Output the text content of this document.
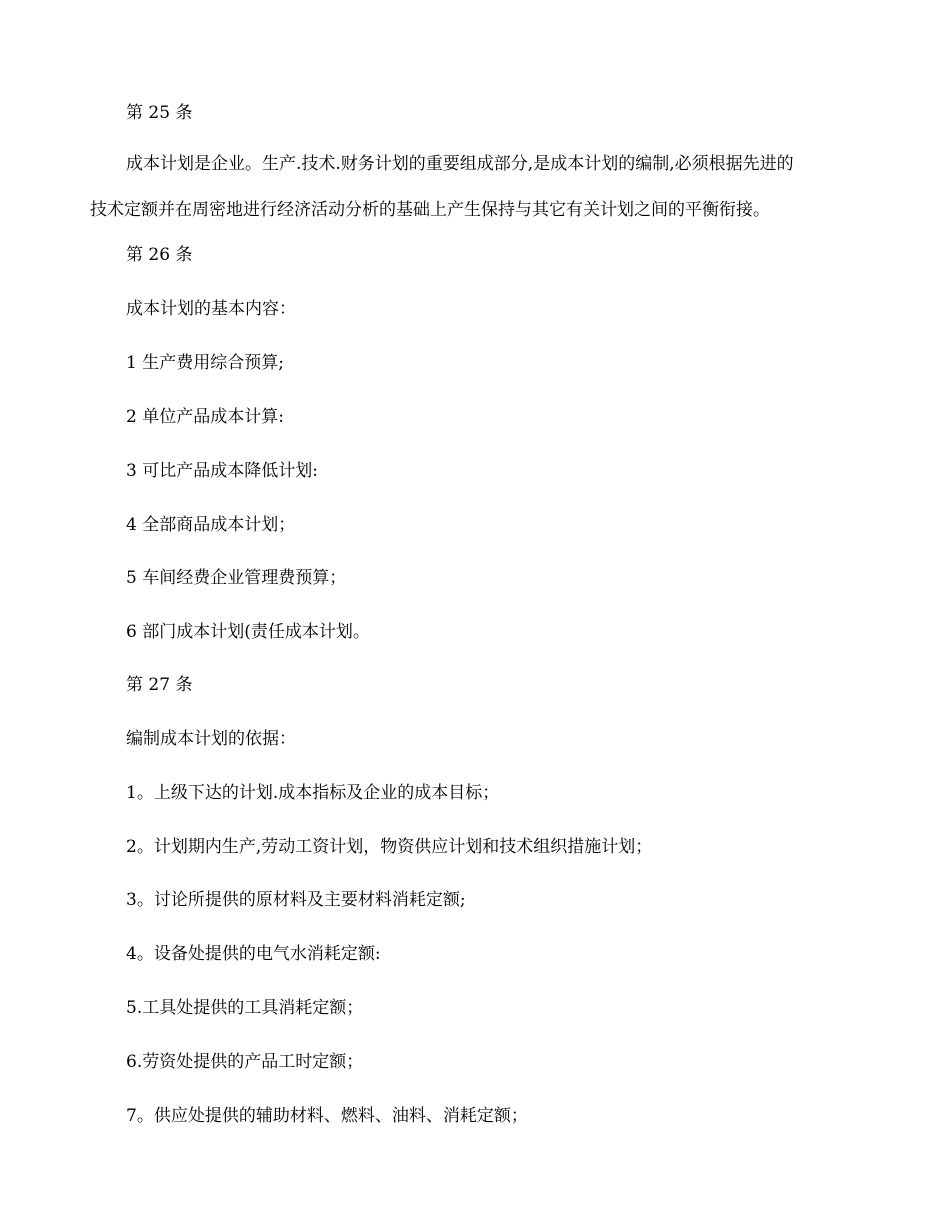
第 25 条
成本计划是企业。生产.技术.财务计划的重要组成部分,是成本计划的编制,必须根据先进的
技术定额并在周密地进行经济活动分析的基础上产生保持与其它有关计划之间的平衡衔接。
第 26 条
成本计划的基本内容：
1 生产费用综合预算;
2 单位产品成本计算:
3 可比产品成本降低计划:
4 全部商品成本计划；
5 车间经费企业管理费预算；
6 部门成本计划(责任成本计划。
第 27 条
编制成本计划的依据：
1。上级下达的计划.成本指标及企业的成本目标；
2。计划期内生产,劳动工资计划，物资供应计划和技术组织措施计划；
3。讨论所提供的原材料及主要材料消耗定额;
4。设备处提供的电气水消耗定额:
5.工具处提供的工具消耗定额；
6.劳资处提供的产品工时定额；
7。供应处提供的辅助材料、燃料、油料、消耗定额；
